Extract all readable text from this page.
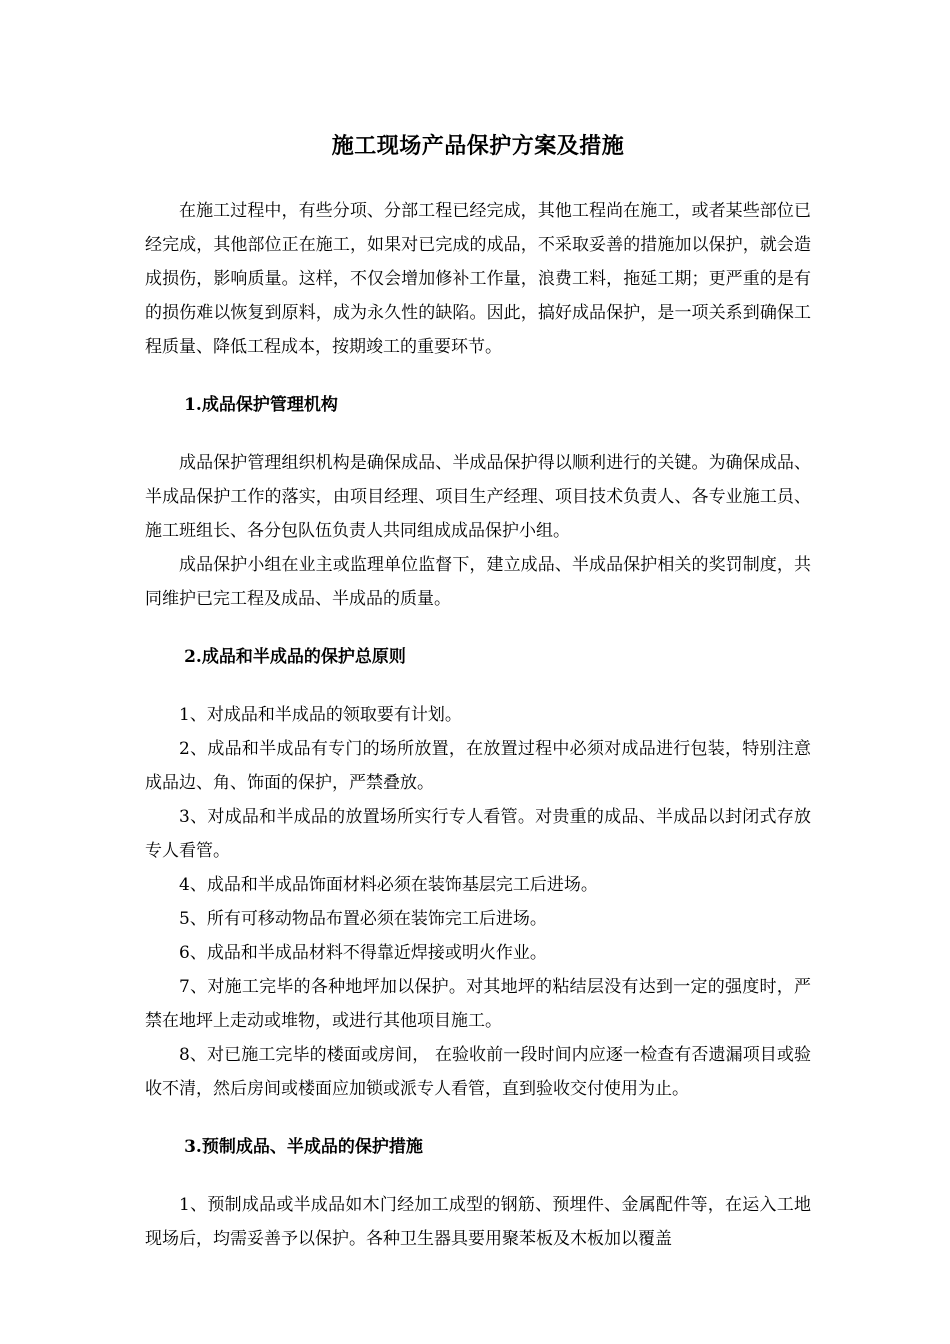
施工现场产品保护方案及措施

在施工过程中，有些分项、分部工程已经完成，其他工程尚在施工，或者某些部位已经完成，其他部位正在施工，如果对已完成的成品，不采取妥善的措施加以保护，就会造成损伤，影响质量。这样，不仅会增加修补工作量，浪费工料，拖延工期；更严重的是有的损伤难以恢复到原料，成为永久性的缺陷。因此，搞好成品保护，是一项关系到确保工程质量、降低工程成本，按期竣工的重要环节。

1.成品保护管理机构

成品保护管理组织机构是确保成品、半成品保护得以顺利进行的关键。为确保成品、半成品保护工作的落实，由项目经理、项目生产经理、项目技术负责人、各专业施工员、施工班组长、各分包队伍负责人共同组成成品保护小组。

成品保护小组在业主或监理单位监督下，建立成品、半成品保护相关的奖罚制度，共同维护已完工程及成品、半成品的质量。

2.成品和半成品的保护总原则

1、对成品和半成品的领取要有计划。

2、成品和半成品有专门的场所放置，在放置过程中必须对成品进行包装，特别注意成品边、角、饰面的保护，严禁叠放。

3、对成品和半成品的放置场所实行专人看管。对贵重的成品、半成品以封闭式存放专人看管。

4、成品和半成品饰面材料必须在装饰基层完工后进场。

5、所有可移动物品布置必须在装饰完工后进场。

6、成品和半成品材料不得靠近焊接或明火作业。

7、对施工完毕的各种地坪加以保护。对其地坪的粘结层没有达到一定的强度时，严禁在地坪上走动或堆物，或进行其他项目施工。

8、对已施工完毕的楼面或房间， 在验收前一段时间内应逐一检查有否遗漏项目或验收不清，然后房间或楼面应加锁或派专人看管，直到验收交付使用为止。

3.预制成品、半成品的保护措施

1、预制成品或半成品如木门经加工成型的钢筋、预埋件、金属配件等，在运入工地现场后，均需妥善予以保护。各种卫生器具要用聚苯板及木板加以覆盖
